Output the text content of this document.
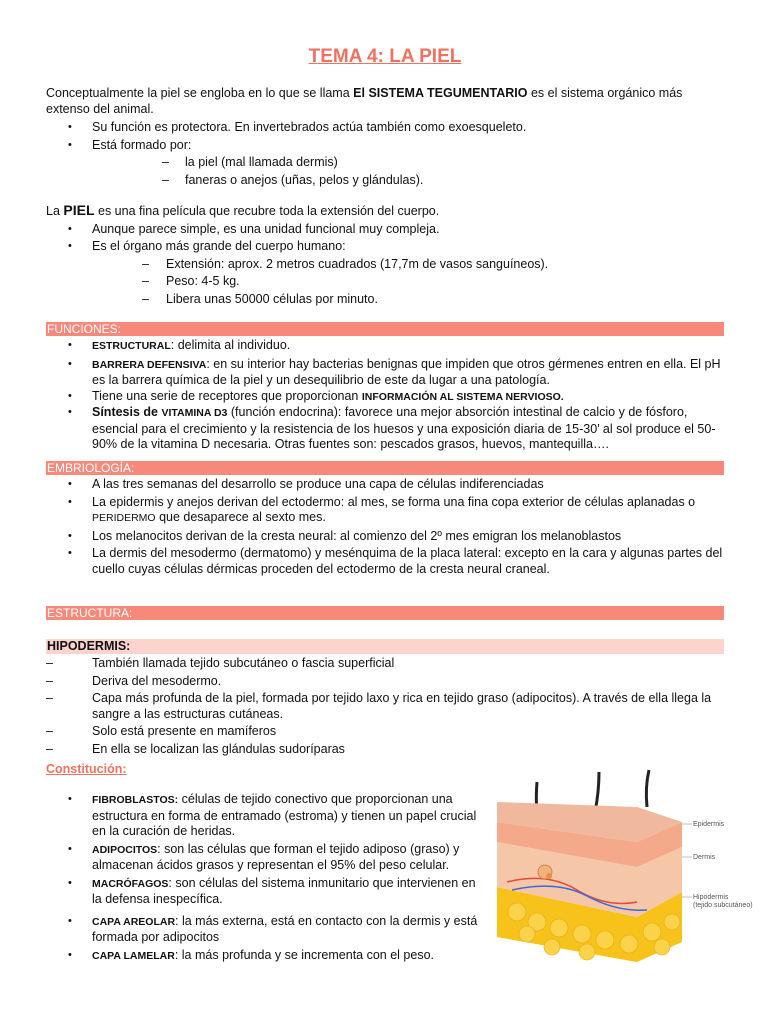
TEMA 4: LA PIEL

Conceptualmente la piel se engloba en lo que se llama El SISTEMA TEGUMENTARIO es el sistema orgánico más extenso del animal.

• Su función es protectora. En invertebrados actúa también como exoesqueleto.
• Está formado por:
– la piel (mal llamada dermis)
– faneras o anejos (uñas, pelos y glándulas).

La PIEL es una fina película que recubre toda la extensión del cuerpo.

• Aunque parece simple, es una unidad funcional muy compleja.
• Es el órgano más grande del cuerpo humano:
– Extensión: aprox. 2 metros cuadrados (17,7m de vasos sanguíneos).
– Peso: 4-5 kg.
– Libera unas 50000 células por minuto.
FUNCIONES:
• ESTRUCTURAL: delimita al individuo.
• BARRERA DEFENSIVA: en su interior hay bacterias benignas que impiden que otros gérmenes entren en ella. El pH es la barrera química de la piel y un desequilibrio de este da lugar a una patología.
• Tiene una serie de receptores que proporcionan INFORMACIÓN AL SISTEMA NERVIOSO.
• Síntesis de VITAMINA D3 (función endocrina): favorece una mejor absorción intestinal de calcio y de fósforo, esencial para el crecimiento y la resistencia de los huesos y una exposición diaria de 15-30’ al sol produce el 50-90% de la vitamina D necesaria. Otras fuentes son: pescados grasos, huevos, mantequilla….
EMBRIOLOGÍA:
• A las tres semanas del desarrollo se produce una capa de células indiferenciadas
• La epidermis y anejos derivan del ectodermo: al mes, se forma una fina copa exterior de células aplanadas o PERIDERMO que desaparece al sexto mes.
• Los melanocitos derivan de la cresta neural: al comienzo del 2º mes emigran los melanoblastos
• La dermis del mesodermo (dermatomo) y mesénquima de la placa lateral: excepto en la cara y algunas partes del cuello cuyas células dérmicas proceden del ectodermo de la cresta neural craneal.
ESTRUCTURA:
HIPODERMIS:
– También llamada tejido subcutáneo o fascia superficial
– Deriva del mesodermo.
– Capa más profunda de la piel, formada por tejido laxo y rica en tejido graso (adipocitos). A través de ella llega la sangre a las estructuras cutáneas.
– Solo está presente en mamíferos
– En ella se localizan las glándulas sudoríparas
Constitución:
• FIBROBLASTOS: células de tejido conectivo que proporcionan una estructura en forma de entramado (estroma) y tienen un papel crucial en la curación de heridas.
• ADIPOCITOS: son las células que forman el tejido adiposo (graso) y almacenan ácidos grasos y representan el 95% del peso celular.
• MACRÓFAGOS: son células del sistema inmunitario que intervienen en la defensa inespecífica.
• CAPA AREOLAR: la más externa, está en contacto con la dermis y está formada por adipocitos
• CAPA LAMELAR: la más profunda y se incrementa con el peso.
Epidermis
Dermis
Hipodermis
(tejido subcutáneo)
